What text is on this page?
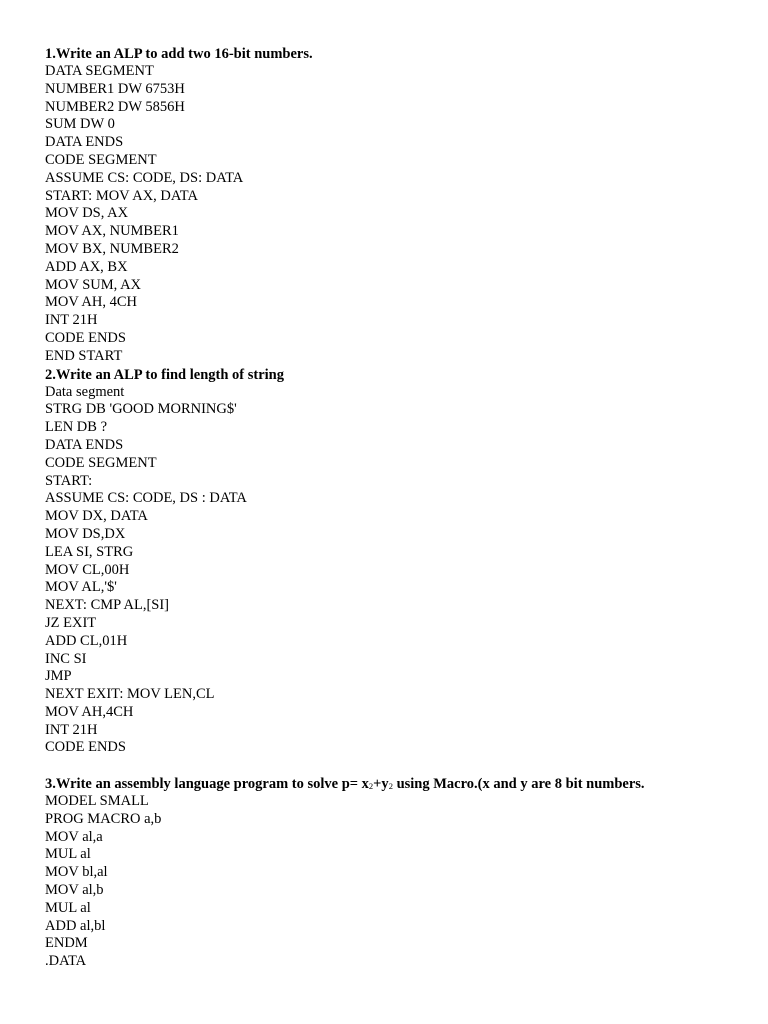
1.Write an ALP to add two 16-bit numbers.
DATA SEGMENT
NUMBER1 DW 6753H
NUMBER2 DW 5856H
SUM DW 0
DATA ENDS
CODE SEGMENT
ASSUME CS: CODE, DS: DATA
START: MOV AX, DATA
MOV DS, AX
MOV AX, NUMBER1
MOV BX, NUMBER2
ADD AX, BX
MOV SUM, AX
MOV AH, 4CH
INT 21H
CODE ENDS
END START
2.Write an ALP to find length of string
Data segment
STRG DB 'GOOD MORNING$'
LEN DB ?
DATA ENDS
CODE SEGMENT
START:
ASSUME CS: CODE, DS : DATA
MOV DX, DATA
MOV DS,DX
LEA SI, STRG
MOV CL,00H
MOV AL,'$'
NEXT: CMP AL,[SI]
JZ EXIT
ADD CL,01H
INC SI
JMP
NEXT EXIT: MOV LEN,CL
MOV AH,4CH
INT 21H
CODE ENDS
3.Write an assembly language program to solve p= x2+y2 using Macro.(x and y are 8 bit numbers.
MODEL SMALL
PROG MACRO a,b
MOV al,a
MUL al
MOV bl,al
MOV al,b
MUL al
ADD al,bl
ENDM
.DATA
